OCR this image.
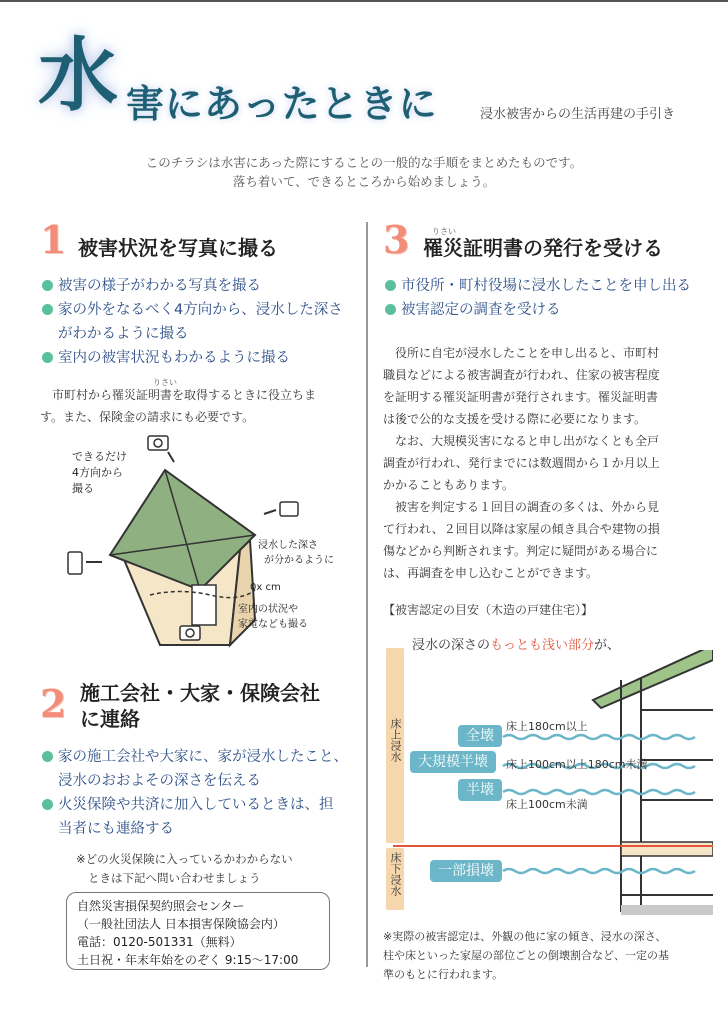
水 害にあったときに	浸水被害からの生活再建の手引き
このチラシは水害にあった際にすることの一般的な手順をまとめたものです。
落ち着いて、できるところから始めましょう。
1 被害状況を写真に撮る
被害の様子がわかる写真を撮る
家の外をなるべく4方向から、浸水した深さ
がわかるように撮る
室内の被害状況もわかるように撮る
りさい

市町村から罹災証明書を取得するときに役立ちま

す。また、保険金の請求にも必要です。
できるだけ
4方向から
撮る
浸水した深さ
が分かるように
0x cm
室内の状況や
家電なども撮る
2 施工会社・大家・保険会社
に連絡
家の施工会社や大家に、家が浸水したこと、
浸水のおおよその深さを伝える
火災保険や共済に加入しているときは、担
当者にも連絡する
※どの火災保険に入っているかわからない
ときは下記へ問い合わせましょう
自然災害損保契約照会センター
（一般社団法人 日本損害保険協会内）
電話：0120-501331（無料）
土日祝・年末年始をのぞく 9:15〜17:00
3	りさい
罹災証明書の発行を受ける
市役所・町村役場に浸水したことを申し出る
被害認定の調査を受ける

役所に自宅が浸水したことを申し出ると、市町村

職員などによる被害調査が行われ、住家の被害程度
を証明する罹災証明書が発行されます。罹災証明書
は後で公的な支援を受ける際に必要になります。

なお、大規模災害になると申し出がなくとも全戸

調査が行われ、発行までには数週間から１か月以上
かかることもあります。

被害を判定する１回目の調査の多くは、外から見

て行われ、２回目以降は家屋の傾き具合や建物の損
傷などから判断されます。判定に疑問がある場合に
は、再調査を申し込むことができます。
【被害認定の目安（木造の戸建住宅）】
浸水の深さのもっとも浅い部分が、
床上浸水
床下浸水
全壊
床上180cm以上
大規模半壊	床上100cm以上180cm未満
半壊
床上100cm未満
一部損壊
※実際の被害認定は、外観の他に家の傾き、浸水の深さ、
柱や床といった家屋の部位ごとの倒壊割合など、一定の基
準のもとに行われます。
